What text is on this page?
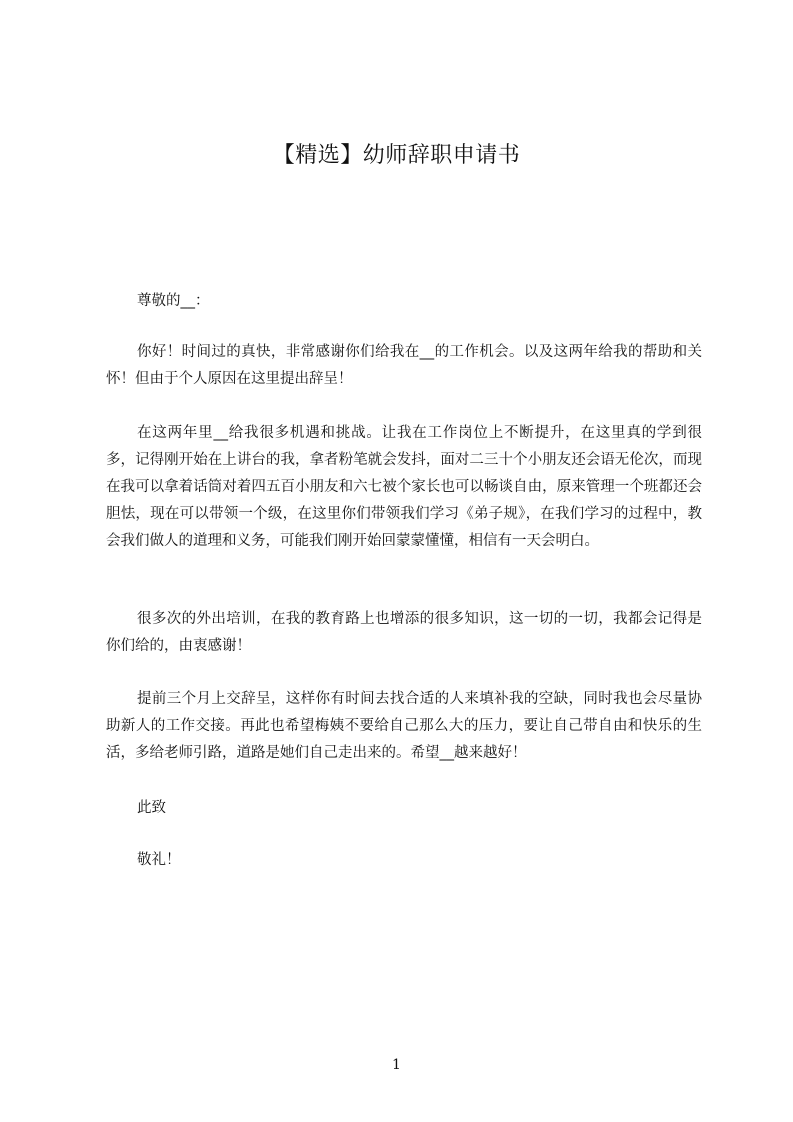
【精选】幼师辞职申请书
尊敬的__：

你好！时间过的真快，非常感谢你们给我在__的工作机会。以及这两年给我的帮助和关怀！但由于个人原因在这里提出辞呈！

在这两年里__给我很多机遇和挑战。让我在工作岗位上不断提升，在这里真的学到很多，记得刚开始在上讲台的我，拿者粉笔就会发抖，面对二三十个小朋友还会语无伦次，而现在我可以拿着话筒对着四五百小朋友和六七被个家长也可以畅谈自由，原来管理一个班都还会胆怯，现在可以带领一个级，在这里你们带领我们学习《弟子规》，在我们学习的过程中，教会我们做人的道理和义务，可能我们刚开始回蒙蒙懂懂，相信有一天会明白。

很多次的外出培训，在我的教育路上也增添的很多知识，这一切的一切，我都会记得是你们给的，由衷感谢！

提前三个月上交辞呈，这样你有时间去找合适的人来填补我的空缺，同时我也会尽量协助新人的工作交接。再此也希望梅姨不要给自己那么大的压力，要让自己带自由和快乐的生活，多给老师引路，道路是她们自己走出来的。希望__越来越好！

此致
敬礼！
1
